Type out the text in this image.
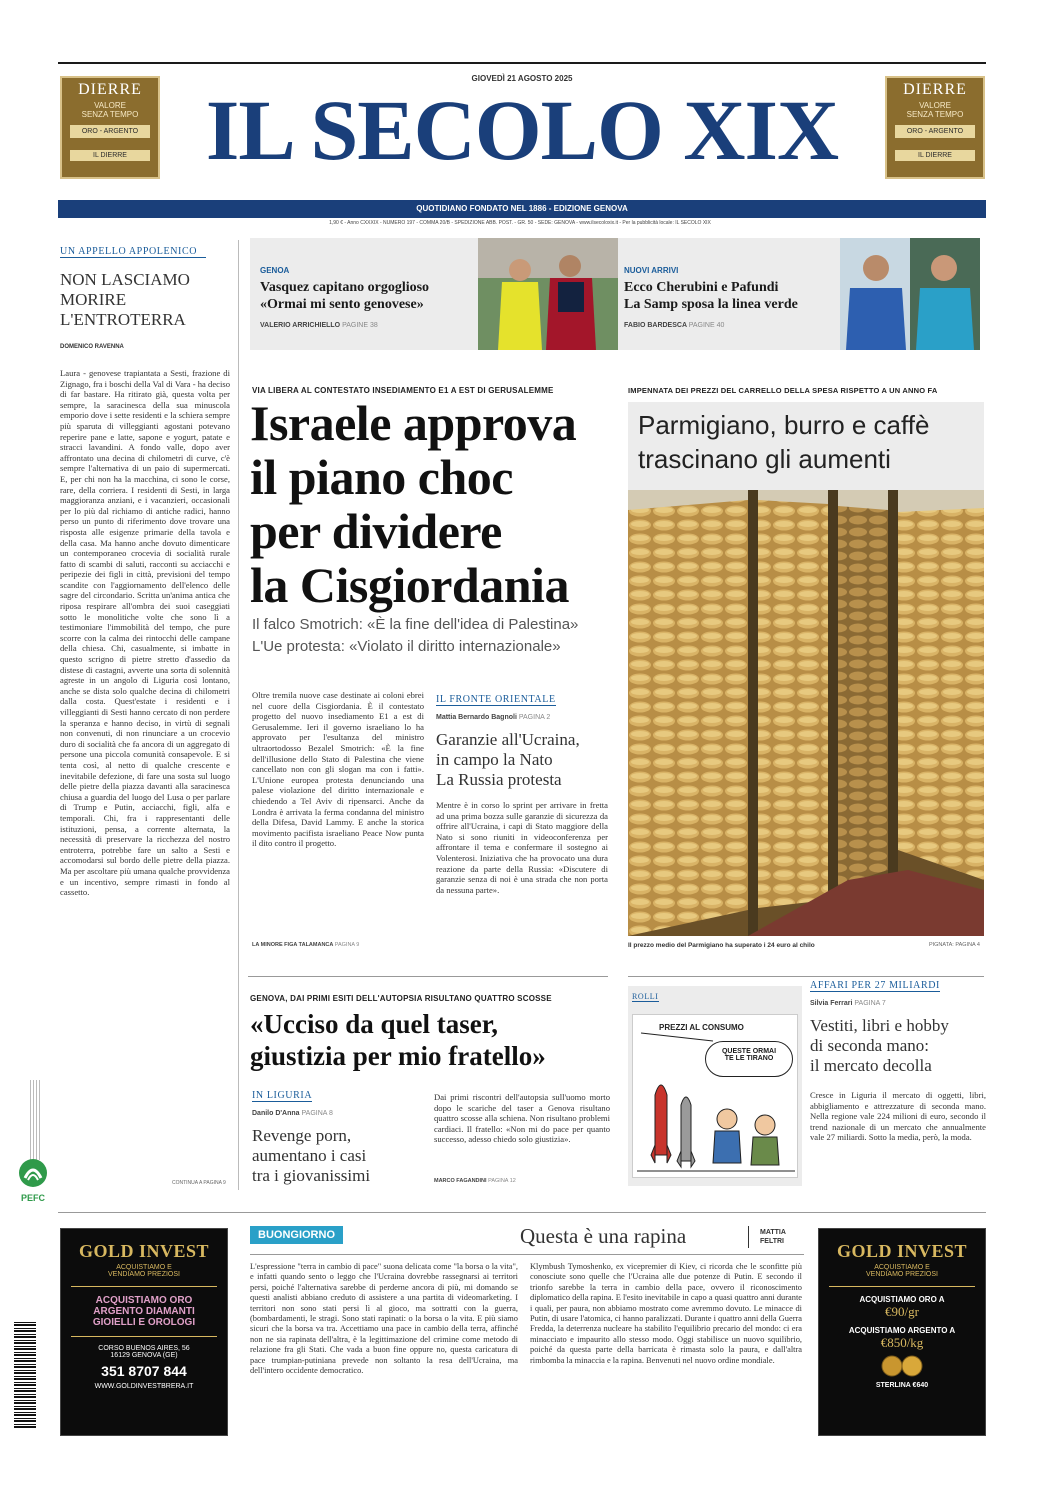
DIERRE
VALORE
SENZA TEMPO
ORO - ARGENTO
IL DIERRE
DIERRE
VALORE
SENZA TEMPO
ORO - ARGENTO
IL DIERRE
GIOVEDÌ 21 AGOSTO 2025
IL SECOLO XIX
QUOTIDIANO FONDATO NEL 1886 - EDIZIONE GENOVA
1,90 € - Anno CXXXIX - NUMERO 197 - COMMA 20/B - SPEDIZIONE ABB. POST. - GR. 50 - SEDE: GENOVA - www.ilsecoloxix.it - Per la pubblicità locale: IL SECOLO XIX
GENOA
Vasquez capitano orgoglioso
«Ormai mi sento genovese»
VALERIO ARRICHIELLO PAGINE 38
NUOVI ARRIVI
Ecco Cherubini e Pafundi
La Samp sposa la linea verde
FABIO BARDESCA PAGINE 40
UN APPELLO APPOLENICO
NON LASCIAMO
MORIRE
L'ENTROTERRA
DOMENICO RAVENNA
Laura - genovese trapiantata a Sesti, frazione di Zignago, fra i boschi della Val di Vara - ha deciso di far bastare. Ha ritirato già, questa volta per sempre, la saracinesca della sua minuscola emporio dove i sette residenti e la schiera sempre più sparuta di villeggianti agostani potevano reperire pane e latte, sapone e yogurt, patate e stracci lavandini. A fondo valle, dopo aver affrontato una decina di chilometri di curve, c'è sempre l'alternativa di un paio di supermercati. E, per chi non ha la macchina, ci sono le corse, rare, della corriera. I residenti di Sesti, in larga maggioranza anziani, e i vacanzieri, occasionali per lo più dal richiamo di antiche radici, hanno perso un punto di riferimento dove trovare una risposta alle esigenze primarie della tavola e della casa. Ma hanno anche dovuto dimenticare un contemporaneo crocevia di socialità rurale fatto di scambi di saluti, racconti su acciacchi e peripezie dei figli in città, previsioni del tempo scandite con l'aggiornamento dell'elenco delle sagre del circondario. Scritta un'anima antica che riposa respirare all'ombra dei suoi caseggiati sotto le monolitiche volte che sono lì a testimoniare l'immobilità del tempo, che pure scorre con la calma dei rintocchi delle campane della chiesa. Chi, casualmente, si imbatte in questo scrigno di pietre stretto d'assedio da distese di castagni, avverte una sorta di solennità agreste in un angolo di Liguria così lontano, anche se dista solo qualche decina di chilometri dalla costa. Quest'estate i residenti e i villeggianti di Sesti hanno cercato di non perdere la speranza e hanno deciso, in virtù di segnali non convenuti, di non rinunciare a un crocevio duro di socialità che fa ancora di un aggregato di persone una piccola comunità consapevole. E si tenta così, al netto di qualche crescente e inevitabile defezione, di fare una sosta sul luogo delle pietre della piazza davanti alla saracinesca chiusa a guardia del luogo del Lusa o per parlare di Trump e Putin, acciacchi, figli, alfa e temporali. Chi, fra i rappresentanti delle istituzioni, pensa, a corrente alternata, la necessità di preservare la ricchezza del nostro entroterra, potrebbe fare un salto a Sesti e accomodarsi sul bordo delle pietre della piazza. Ma per ascoltare più umana qualche provvidenza e un incentivo, sempre rimasti in fondo al cassetto.
CONTINUA A PAGINA 9
PEFC
VIA LIBERA AL CONTESTATO INSEDIAMENTO E1 A EST DI GERUSALEMME
Israele approva
il piano choc
per dividere
la Cisgiordania
Il falco Smotrich: «È la fine dell'idea di Palestina»
L'Ue protesta: «Violato il diritto internazionale»
Oltre tremila nuove case destinate ai coloni ebrei nel cuore della Cisgiordania. È il contestato progetto del nuovo insediamento E1 a est di Gerusalemme. Ieri il governo israeliano lo ha approvato per l'esultanza del ministro ultraortodosso Bezalel Smotrich: «È la fine dell'illusione dello Stato di Palestina che viene cancellato non con gli slogan ma con i fatti». L'Unione europea protesta denunciando una palese violazione del diritto internazionale e chiedendo a Tel Aviv di ripensarci. Anche da Londra è arrivata la ferma condanna del ministro della Difesa, David Lammy. E anche la storica movimento pacifista israeliano Peace Now punta il dito contro il progetto.
LA MINORE FIGA TALAMANCA PAGINA 9
IL FRONTE ORIENTALE
Mattia Bernardo Bagnoli PAGINA 2
Garanzie all'Ucraina,
in campo la Nato
La Russia protesta
Mentre è in corso lo sprint per arrivare in fretta ad una prima bozza sulle garanzie di sicurezza da offrire all'Ucraina, i capi di Stato maggiore della Nato si sono riuniti in videoconferenza per affrontare il tema e confermare il sostegno ai Volenterosi. Iniziativa che ha provocato una dura reazione da parte della Russia: «Discutere di garanzie senza di noi è una strada che non porta da nessuna parte».
IMPENNATA DEI PREZZI DEL CARRELLO DELLA SPESA RISPETTO A UN ANNO FA
Parmigiano, burro e caffè
trascinano gli aumenti
Il prezzo medio del Parmigiano ha superato i 24 euro al chilo	PIGNATA: PAGINA 4
GENOVA, DAI PRIMI ESITI DELL'AUTOPSIA RISULTANO QUATTRO SCOSSE
«Ucciso da quel taser,
giustizia per mio fratello»
Dai primi riscontri dell'autopsia sull'uomo morto dopo le scariche del taser a Genova risultano quattro scosse alla schiena. Non risultano problemi cardiaci. Il fratello: «Non mi do pace per quanto successo, adesso chiedo solo giustizia».
MARCO FAGANDINI PAGINA 12
IN LIGURIA
Danilo D'Anna PAGINA 8
Revenge porn,
aumentano i casi
tra i giovanissimi
ROLLI
PREZZI AL CONSUMO
QUESTE ORMAI
TE LE TIRANO
AFFARI PER 27 MILIARDI
Silvia Ferrari PAGINA 7
Vestiti, libri e hobby
di seconda mano:
il mercato decolla
Cresce in Liguria il mercato di oggetti, libri, abbigliamento e attrezzature di seconda mano. Nella regione vale 224 milioni di euro, secondo il trend nazionale di un mercato che annualmente vale 27 miliardi. Sotto la media, però, la moda.
GOLD INVEST
ACQUISTIAMO E
VENDIAMO PREZIOSI
ACQUISTIAMO ORO
ARGENTO DIAMANTI
GIOIELLI E OROLOGI
CORSO BUENOS AIRES, 56
16129 GENOVA (GE)
351 8707 844
WWW.GOLDINVESTBRERA.IT
GOLD INVEST
ACQUISTIAMO E
VENDIAMO PREZIOSI
ACQUISTIAMO ORO A
€90/gr
ACQUISTIAMO ARGENTO A
€850/kg
STERLINA €640
BUONGIORNO	Questa è una rapina	MATTIA
FELTRI
L'espressione "terra in cambio di pace" suona delicata come "la borsa o la vita", e infatti quando sento o leggo che l'Ucraina dovrebbe rassegnarsi ai territori persi, poiché l'alternativa sarebbe di perderne ancora di più, mi domando se questi analisti abbiano creduto di assistere a una partita di videomarketing. I territori non sono stati persi lì al gioco, ma sottratti con la guerra, (bombardamenti, le stragi. Sono stati rapinati: o la borsa o la vita. E più siamo sicuri che la borsa va tra. Accettiamo una pace in cambio della terra, affinché non ne sia rapinata dell'altra, è la legittimazione del crimine come metodo di relazione fra gli Stati. Che vada a buon fine oppure no, questa caricatura di pace trumpian-putiniana prevede non soltanto la resa dell'Ucraina, ma dell'intero occidente democratico.
Klymbush Tymoshenko, ex vicepremier di Kiev, ci ricorda che le sconfitte più conosciute sono quelle che l'Ucraina alle due potenze di Putin. E secondo il trionfo sarebbe la terra in cambio della pace, ovvero il riconoscimento diplomatico della rapina. E l'esito inevitabile in capo a quasi quattro anni durante i quali, per paura, non abbiamo mostrato come avremmo dovuto. Le minacce di Putin, di usare l'atomica, ci hanno paralizzati. Durante i quattro anni della Guerra Fredda, la deterrenza nucleare ha stabilito l'equilibrio precario del mondo: ci era minacciato e impaurito allo stesso modo. Oggi stabilisce un nuovo squilibrio, poiché da questa parte della barricata è rimasta solo la paura, e dall'altra rimbomba la minaccia e la rapina. Benvenuti nel nuovo ordine mondiale.
